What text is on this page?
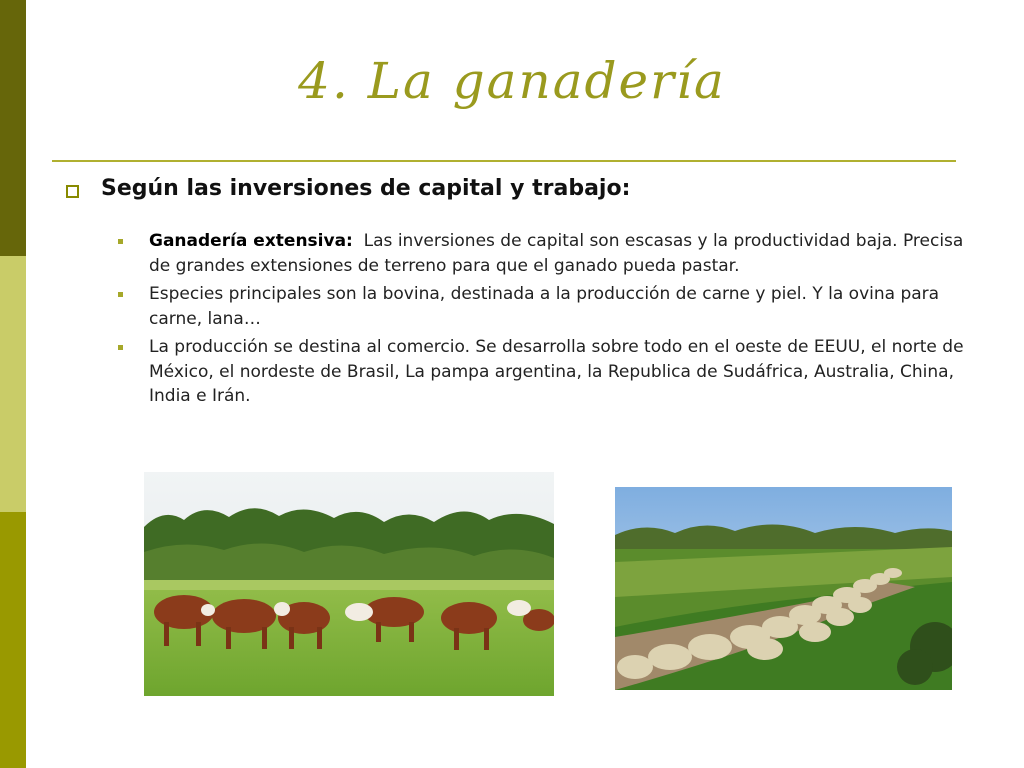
4. La ganadería

Según las inversiones de capital y trabajo:

Ganadería extensiva: Las inversiones de capital son escasas y la productividad baja. Precisa de grandes extensiones de terreno para que el ganado pueda pastar.
Especies principales son la bovina, destinada a la producción de carne y piel. Y la ovina para carne, lana…
La producción se destina al comercio. Se desarrolla sobre todo en el oeste de EEUU, el norte de México, el nordeste de Brasil, La pampa argentina, la Republica de Sudáfrica, Australia, China, India e Irán.
